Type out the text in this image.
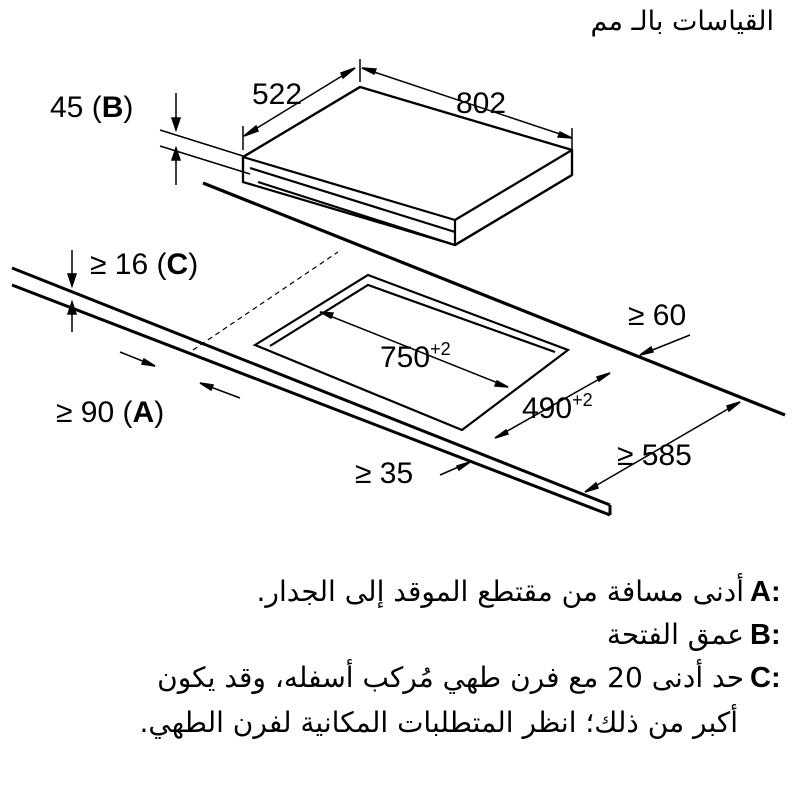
القياسات بالـ مم
522	802
45 (B)
≥ 16 (C)
$750^{+2}$
$490^{+2}$
≥ 60
≥ 585
≥ 35
≥ 90 (A)
أدنى مسافة من مقتطع الموقد إلى الجدار. A:
عمق الفتحة B:
حد أدنى 20 مع فرن طهي مُركب أسفله، وقد يكون C:
أكبر من ذلك؛ انظر المتطلبات المكانية لفرن الطهي.
